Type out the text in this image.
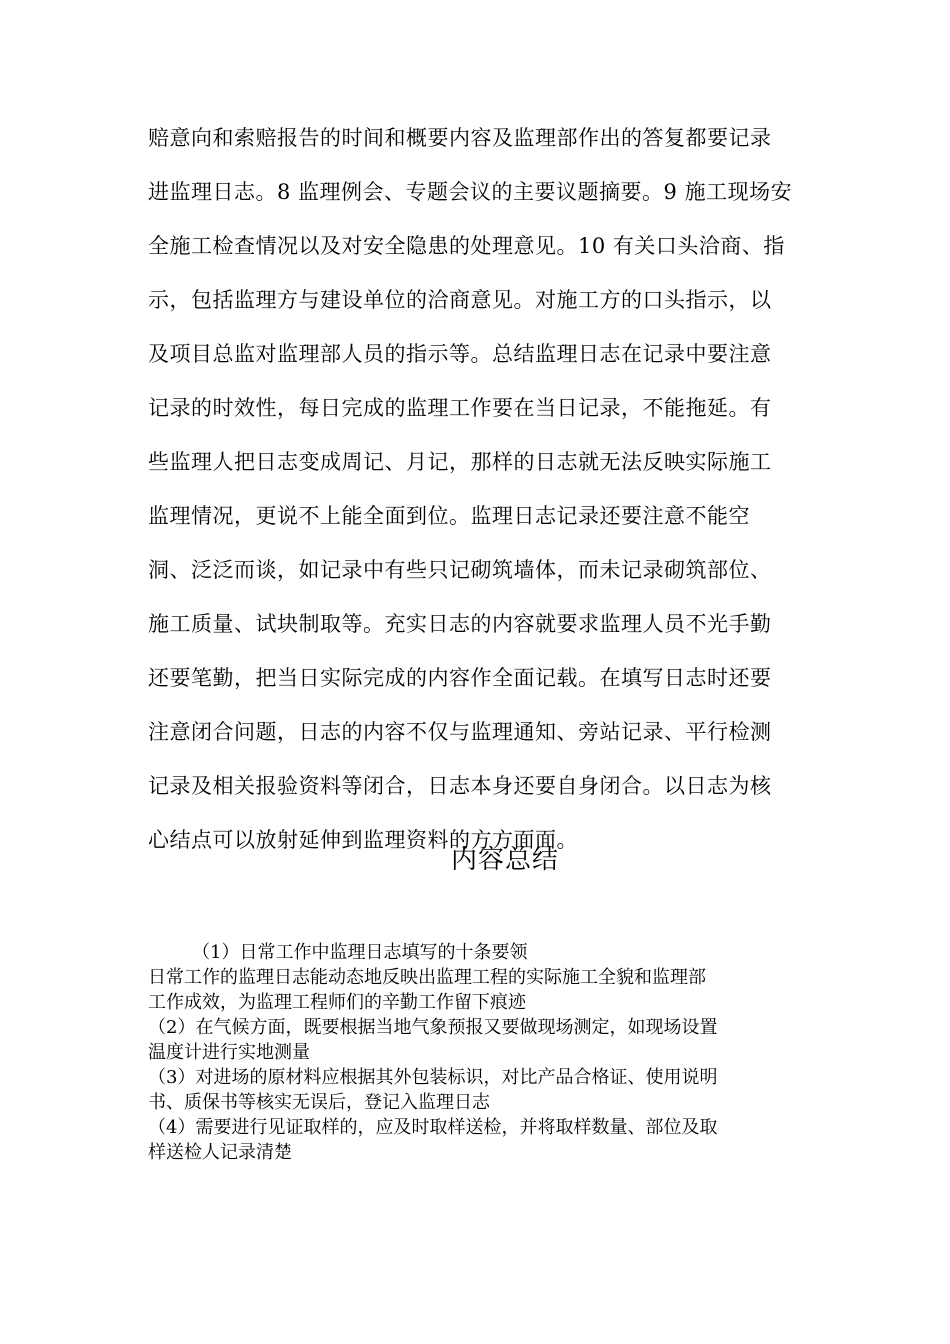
赔意向和索赔报告的时间和概要内容及监理部作出的答复都要记录
进监理日志。8 监理例会、专题会议的主要议题摘要。9 施工现场安
全施工检查情况以及对安全隐患的处理意见。10 有关口头洽商、指
示，包括监理方与建设单位的洽商意见。对施工方的口头指示，以
及项目总监对监理部人员的指示等。总结监理日志在记录中要注意
记录的时效性，每日完成的监理工作要在当日记录，不能拖延。有
些监理人把日志变成周记、月记，那样的日志就无法反映实际施工
监理情况，更说不上能全面到位。监理日志记录还要注意不能空
洞、泛泛而谈，如记录中有些只记砌筑墙体，而未记录砌筑部位、
施工质量、试块制取等。充实日志的内容就要求监理人员不光手勤
还要笔勤，把当日实际完成的内容作全面记载。在填写日志时还要
注意闭合问题，日志的内容不仅与监理通知、旁站记录、平行检测
记录及相关报验资料等闭合，日志本身还要自身闭合。以日志为核
心结点可以放射延伸到监理资料的方方面面。
内容总结
（1）日常工作中监理日志填写的十条要领
日常工作的监理日志能动态地反映出监理工程的实际施工全貌和监理部
工作成效，为监理工程师们的辛勤工作留下痕迹
（2）在气候方面，既要根据当地气象预报又要做现场测定，如现场设置
温度计进行实地测量
（3）对进场的原材料应根据其外包装标识，对比产品合格证、使用说明
书、质保书等核实无误后，登记入监理日志
（4）需要进行见证取样的，应及时取样送检，并将取样数量、部位及取
样送检人记录清楚
